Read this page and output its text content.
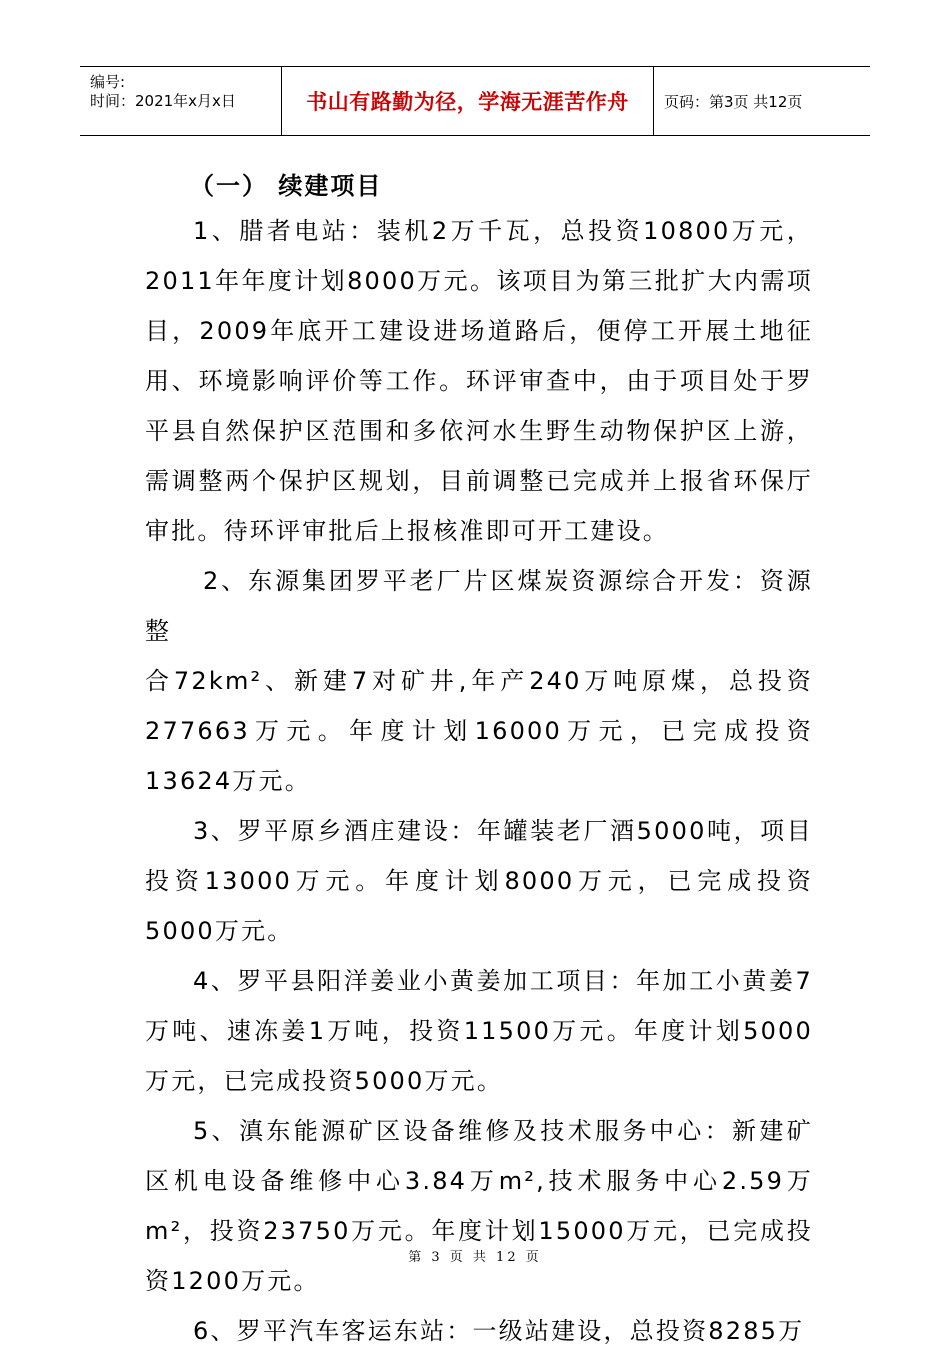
编号:
时间：2021年x月x日	书山有路勤为径，学海无涯苦作舟	页码：第3页 共12页
（一） 续建项目

1、腊者电站：装机2万千瓦，总投资10800万元，2011年年度计划8000万元。该项目为第三批扩大内需项目，2009年底开工建设进场道路后，便停工开展土地征用、环境影响评价等工作。环评审查中，由于项目处于罗平县自然保护区范围和多依河水生野生动物保护区上游，需调整两个保护区规划，目前调整已完成并上报省环保厅审批。待环评审批后上报核准即可开工建设。

2、东源集团罗平老厂片区煤炭资源综合开发：资源整

合72km²、新建7对矿井,年产240万吨原煤，总投资277663万元。年度计划16000万元，已完成投资13624万元。

3、罗平原乡酒庄建设：年罐装老厂酒5000吨，项目投资13000万元。年度计划8000万元，已完成投资5000万元。

4、罗平县阳洋姜业小黄姜加工项目：年加工小黄姜7万吨、速冻姜1万吨，投资11500万元。年度计划5000万元，已完成投资5000万元。

5、滇东能源矿区设备维修及技术服务中心：新建矿区机电设备维修中心3.84万m²,技术服务中心2.59万m²，投资23750万元。年度计划15000万元，已完成投资1200万元。

6、罗平汽车客运东站：一级站建设，总投资8285万

第 3 页 共 12 页
